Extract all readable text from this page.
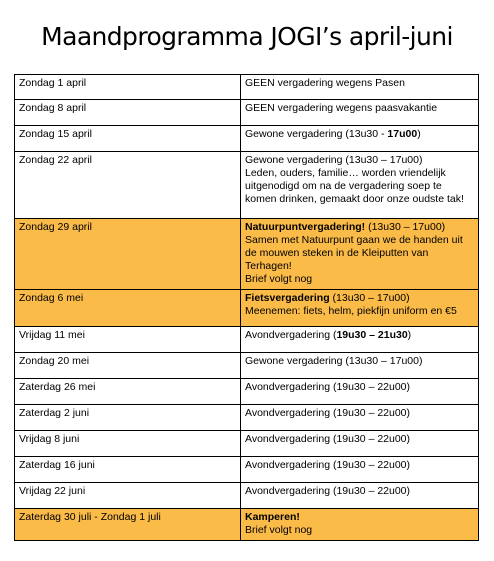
Maandprogramma JOGI’s april-juni
Zondag 1 april	GEEN vergadering wegens Pasen
Zondag 8 april	GEEN vergadering wegens paasvakantie
Zondag 15 april	Gewone vergadering (13u30 - 17u00)
Zondag 22 april	Gewone vergadering (13u30 – 17u00)
Leden, ouders, familie… worden vriendelijk uitgenodigd om na de vergadering soep te komen drinken, gemaakt door onze oudste tak!
Zondag 29 april	Natuurpuntvergadering! (13u30 – 17u00)
Samen met Natuurpunt gaan we de handen uit de mouwen steken in de Kleiputten van Terhagen!
Brief volgt nog
Zondag 6 mei	Fietsvergadering (13u30 – 17u00)
Meenemen: fiets, helm, piekfijn uniform en €5
Vrijdag 11 mei	Avondvergadering (19u30 – 21u30)
Zondag 20 mei	Gewone vergadering (13u30 – 17u00)
Zaterdag 26 mei	Avondvergadering (19u30 – 22u00)
Zaterdag 2 juni	Avondvergadering (19u30 – 22u00)
Vrijdag 8 juni	Avondvergadering (19u30 – 22u00)
Zaterdag 16 juni	Avondvergadering (19u30 – 22u00)
Vrijdag 22 juni	Avondvergadering (19u30 – 22u00)
Zaterdag 30 juli - Zondag 1 juli	Kamperen!
Brief volgt nog
